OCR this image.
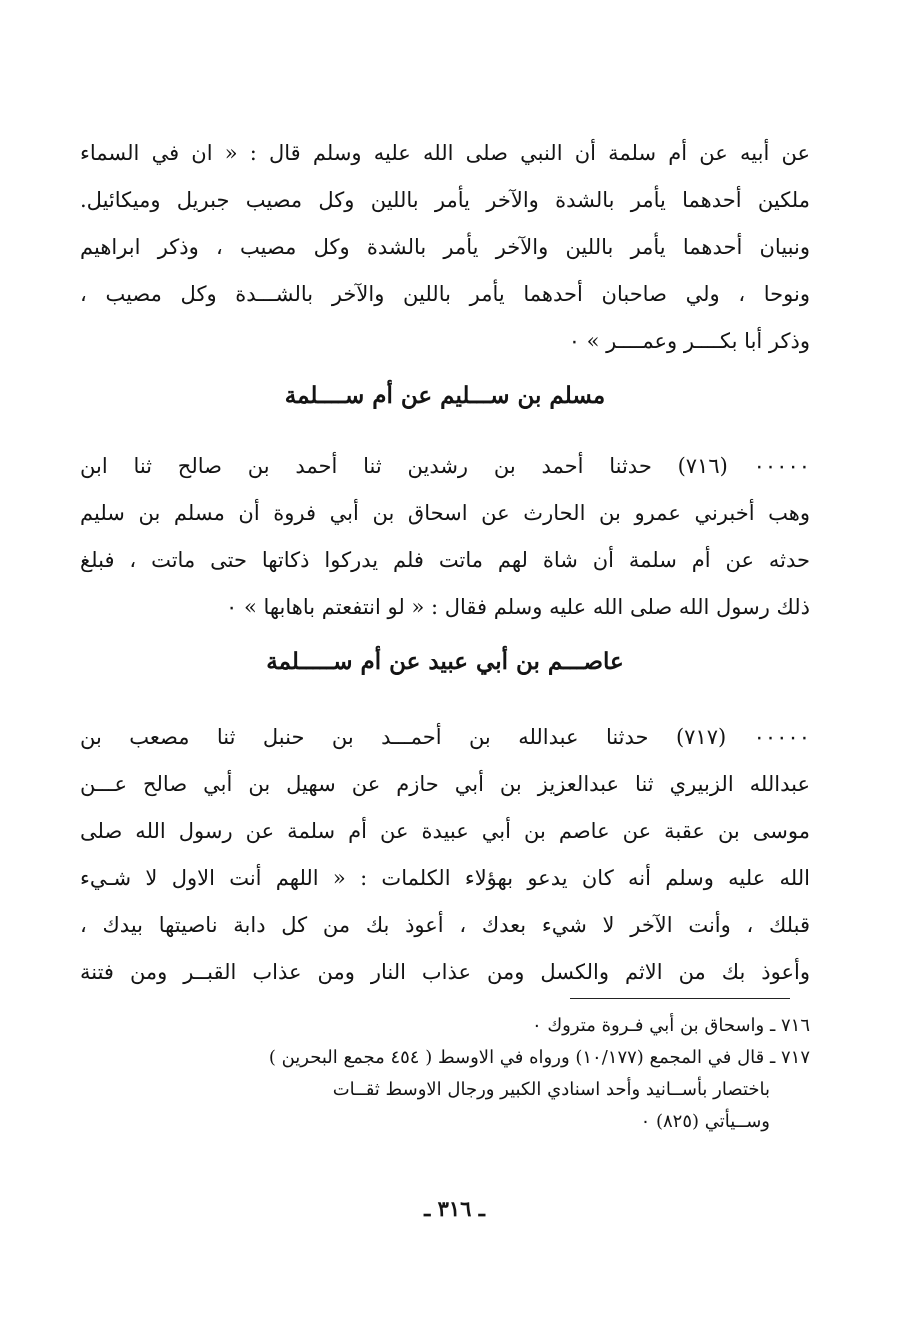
عن أبيه عن أم سلمة أن النبي صلى الله عليه وسلم قال : « ان في السماء
ملكين أحدهما يأمر بالشدة والآخر يأمر باللين وكل مصيب جبريل وميكائيل.
ونبيان أحدهما يأمر باللين والآخر يأمر بالشدة وكل مصيب ، وذكر ابراهيم
ونوحا ، ولي صاحبان أحدهما يأمر باللين والآخر بالشـــدة وكل مصيب ،
وذكر أبا بكــــر وعمــــر » ٠
مسلم بن ســـليم عن أم ســــلمة
٠٠٠٠٠ (٧١٦) حدثنا أحمد بن رشدين ثنا أحمد بن صالح ثنا ابن
وهب أخبرني عمرو بن الحارث عن اسحاق بن أبي فروة أن مسلم بن سليم
حدثه عن أم سلمة أن شاة لهم ماتت فلم يدركوا ذكاتها حتى ماتت ، فبلغ
ذلك رسول الله صلى الله عليه وسلم فقال : « لو انتفعتم باهابها » ٠
عاصـــم بن أبي عبيد عن أم ســـــلمة
٠٠٠٠٠ (٧١٧) حدثنا عبدالله بن أحمـــد بن حنبل ثنا مصعب بن
عبدالله الزبيري ثنا عبدالعزيز بن أبي حازم عن سهيل بن أبي صالح عـــن
موسى بن عقبة عن عاصم بن أبي عبيدة عن أم سلمة عن رسول الله صلى
الله عليه وسلم أنه كان يدعو بهؤلاء الكلمات : « اللهم أنت الاول لا شـيء
قبلك ، وأنت الآخر لا شيء بعدك ، أعوذ بك من كل دابة ناصيتها بيدك ،
وأعوذ بك من الاثم والكسل ومن عذاب النار ومن عذاب القبــر ومن فتنة
٧١٦ ـ واسحاق بن أبي فـروة متروك ٠
٧١٧ ـ قال في المجمع (١٠/١٧٧) ورواه في الاوسط ( ٤٥٤ مجمع البحرين )
باختصار بأســانيد وأحد اسنادي الكبير ورجال الاوسط ثقــات
وســيأتي (٨٢٥) ٠
ـ ٣١٦ ـ
